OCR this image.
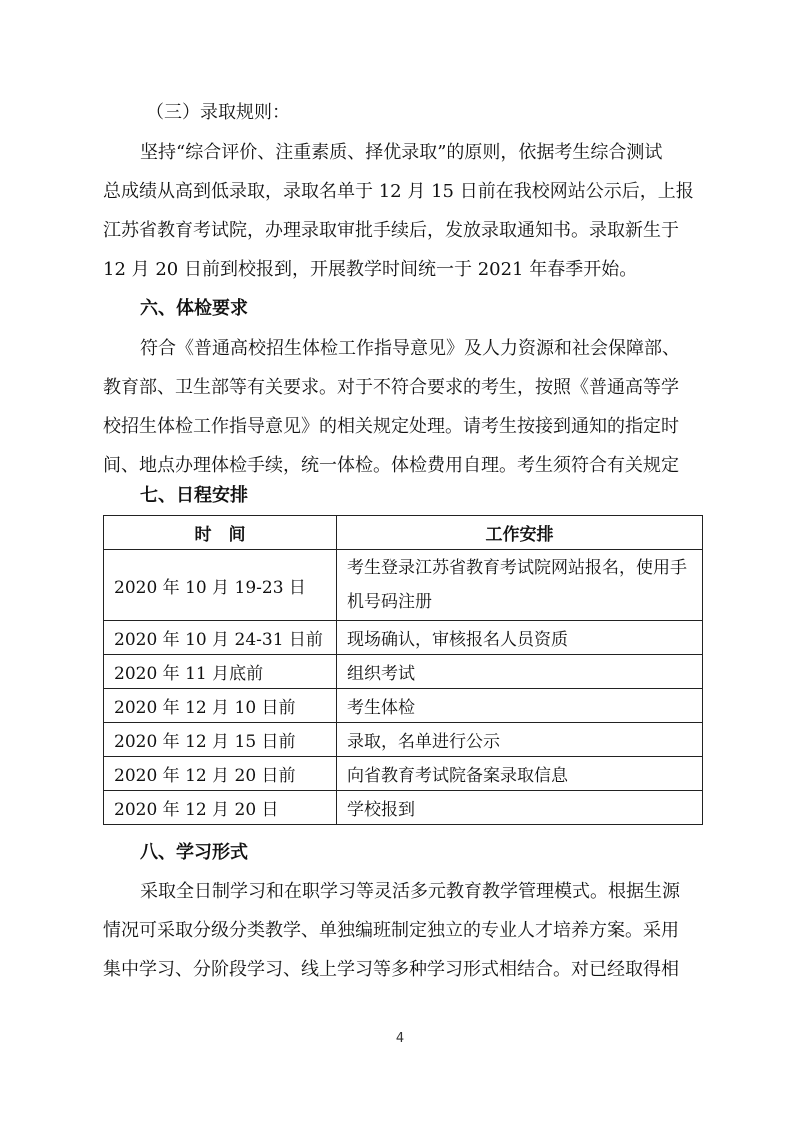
（三）录取规则：
坚持“综合评价、注重素质、择优录取”的原则，依据考生综合测试
总成绩从高到低录取，录取名单于 12 月 15 日前在我校网站公示后，上报
江苏省教育考试院，办理录取审批手续后，发放录取通知书。录取新生于
12 月 20 日前到校报到，开展教学时间统一于 2021 年春季开始。
六、体检要求
符合《普通高校招生体检工作指导意见》及人力资源和社会保障部、
教育部、卫生部等有关要求。对于不符合要求的考生，按照《普通高等学
校招生体检工作指导意见》的相关规定处理。请考生按接到通知的指定时
间、地点办理体检手续，统一体检。体检费用自理。考生须符合有关规定
七、日程安排
时　间	工作安排
2020 年 10 月 19-23 日	考生登录江苏省教育考试院网站报名，使用手机号码注册
2020 年 10 月 24-31 日前	现场确认，审核报名人员资质
2020 年 11 月底前	组织考试
2020 年 12 月 10 日前	考生体检
2020 年 12 月 15 日前	录取，名单进行公示
2020 年 12 月 20 日前	向省教育考试院备案录取信息
2020 年 12 月 20 日	学校报到
八、学习形式
采取全日制学习和在职学习等灵活多元教育教学管理模式。根据生源
情况可采取分级分类教学、单独编班制定独立的专业人才培养方案。采用
集中学习、分阶段学习、线上学习等多种学习形式相结合。对已经取得相
4
